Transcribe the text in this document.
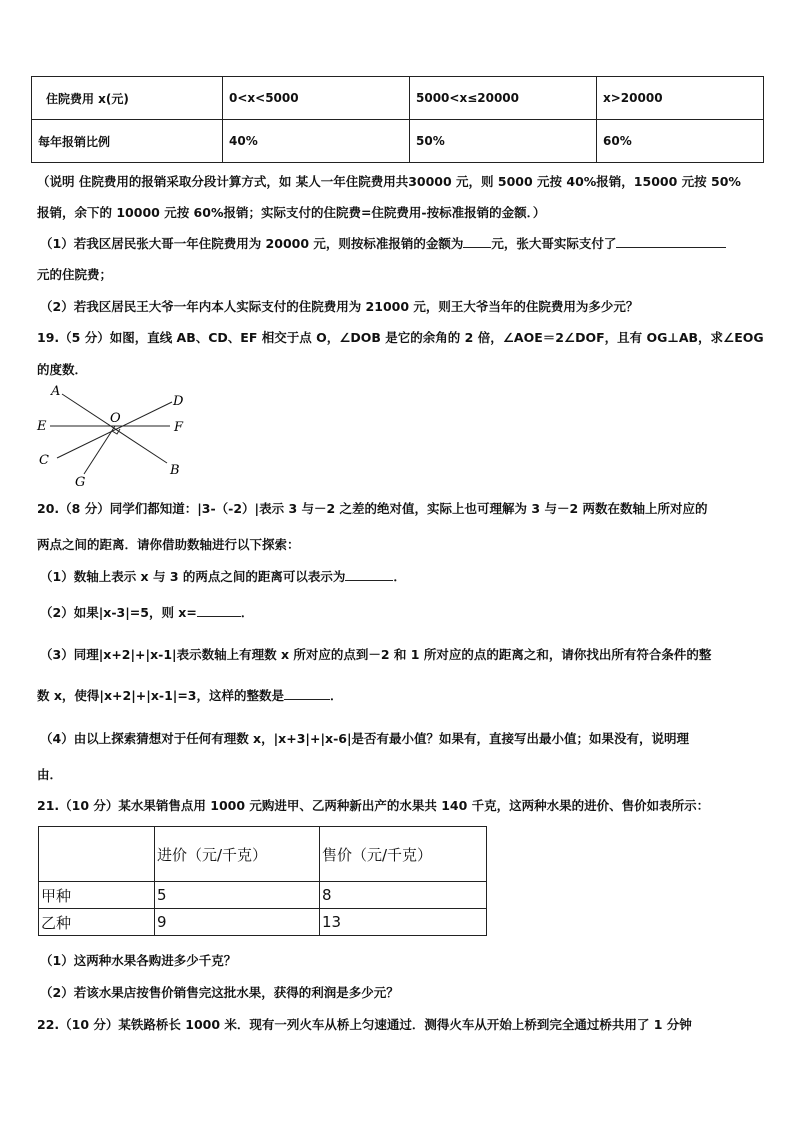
住院费用 x(元)	0<x<5000	5000<x≤20000	x>20000
每年报销比例	40%	50%	60%
（说明 住院费用的报销采取分段计算方式，如 某人一年住院费用共30000 元，则 5000 元按 40%报销，15000 元按 50%
报销，余下的 10000 元按 60%报销；实际支付的住院费=住院费用-按标准报销的金额．）
（1）若我区居民张大哥一年住院费用为 20000 元，则按标准报销的金额为 元，张大哥实际支付了
元的住院费；
（2）若我区居民王大爷一年内本人实际支付的住院费用为 21000 元，则王大爷当年的住院费用为多少元？
19.（5 分）如图，直线 AB、CD、EF 相交于点 O，∠DOB 是它的余角的 2 倍，∠AOE＝2∠DOF，且有 OG⊥AB，求∠EOG
的度数．
A
D
E
O
F
C
G
B
20.（8 分）同学们都知道：|3-（-2）|表示 3 与－2 之差的绝对值，实际上也可理解为 3 与－2 两数在数轴上所对应的
两点之间的距离．请你借助数轴进行以下探索：
（1）数轴上表示 x 与 3 的两点之间的距离可以表示为	．
（2）如果|x-3|=5，则 x=	．
（3）同理|x+2|+|x-1|表示数轴上有理数 x 所对应的点到－2 和 1 所对应的点的距离之和，请你找出所有符合条件的整
数 x，使得|x+2|+|x-1|=3，这样的整数是	．
（4）由以上探索猜想对于任何有理数 x，|x+3|+|x-6|是否有最小值？如果有，直接写出最小值；如果没有，说明理
由．
21.（10 分）某水果销售点用 1000 元购进甲、乙两种新出产的水果共 140 千克，这两种水果的进价、售价如表所示：
	进价（元/千克）	售价（元/千克）
甲种	5	8
乙种	9	13
（1）这两种水果各购进多少千克？
（2）若该水果店按售价销售完这批水果，获得的利润是多少元？
22.（10 分）某铁路桥长 1000 米．现有一列火车从桥上匀速通过．测得火车从开始上桥到完全通过桥共用了 1 分钟
